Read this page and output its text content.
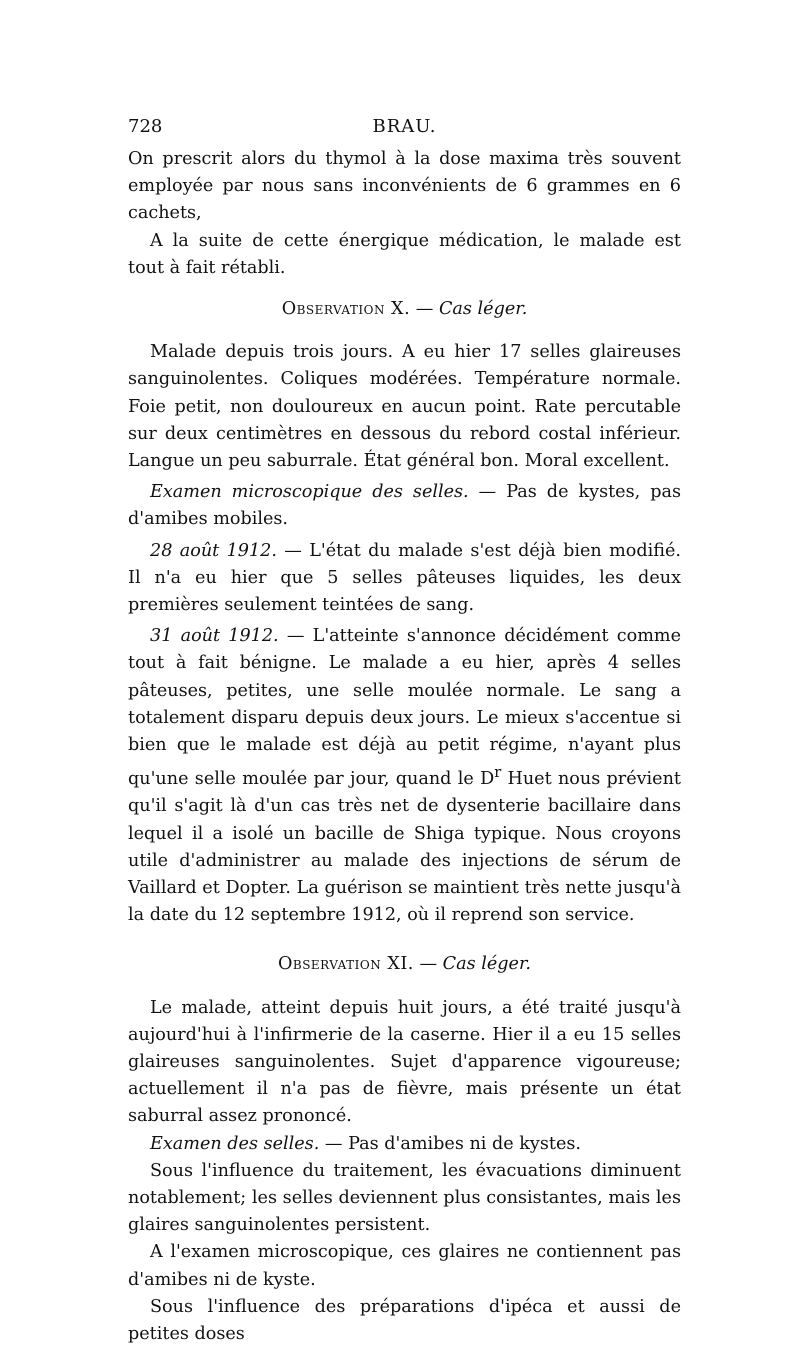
728	BRAU.

On prescrit alors du thymol à la dose maxima très souvent employée par nous sans inconvénients de 6 grammes en 6 cachets,

A la suite de cette énergique médication, le malade est tout à fait rétabli.

Observation X. — Cas léger.

Malade depuis trois jours. A eu hier 17 selles glaireuses sanguinolentes. Coliques modérées. Température normale. Foie petit, non douloureux en aucun point. Rate percutable sur deux centimètres en dessous du rebord costal inférieur. Langue un peu saburrale. État général bon. Moral excellent.

Examen microscopique des selles. — Pas de kystes, pas d'amibes mobiles.

28 août 1912. — L'état du malade s'est déjà bien modifié. Il n'a eu hier que 5 selles pâteuses liquides, les deux premières seulement teintées de sang.

31 août 1912. — L'atteinte s'annonce décidément comme tout à fait bénigne. Le malade a eu hier, après 4 selles pâteuses, petites, une selle moulée normale. Le sang a totalement disparu depuis deux jours. Le mieux s'accentue si bien que le malade est déjà au petit régime, n'ayant plus qu'une selle moulée par jour, quand le $D^r$ Huet nous prévient qu'il s'agit là d'un cas très net de dysenterie bacillaire dans lequel il a isolé un bacille de Shiga typique. Nous croyons utile d'administrer au malade des injections de sérum de Vaillard et Dopter. La guérison se maintient très nette jusqu'à la date du 12 septembre 1912, où il reprend son service.

Observation XI. — Cas léger.

Le malade, atteint depuis huit jours, a été traité jusqu'à aujourd'hui à l'infirmerie de la caserne. Hier il a eu 15 selles glaireuses sanguinolentes. Sujet d'apparence vigoureuse; actuellement il n'a pas de fièvre, mais présente un état saburral assez prononcé.

Examen des selles. — Pas d'amibes ni de kystes.

Sous l'influence du traitement, les évacuations diminuent notablement; les selles deviennent plus consistantes, mais les glaires sanguinolentes persistent.

A l'examen microscopique, ces glaires ne contiennent pas d'amibes ni de kyste.

Sous l'influence des préparations d'ipéca et aussi de petites doses
